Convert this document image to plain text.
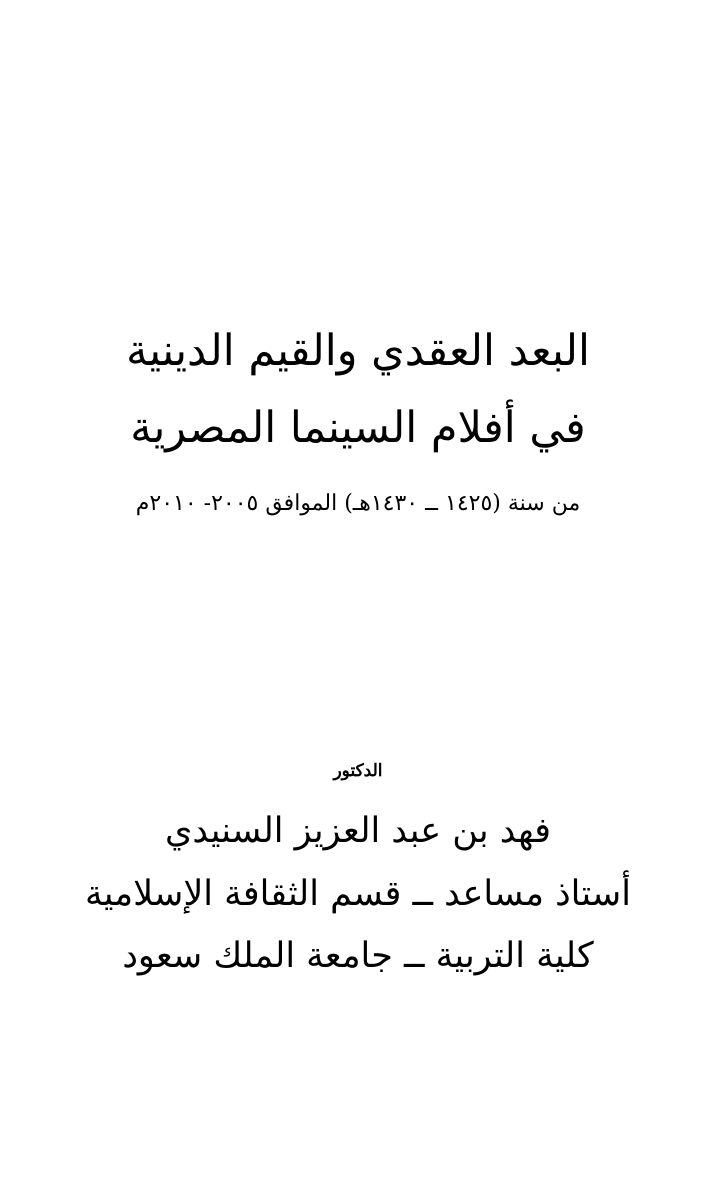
البعد العقدي والقيم الدينية
في أفلام السينما المصرية
من سنة (١٤٢٥ ــ ١٤٣٠هـ) الموافق ٢٠٠٥- ٢٠١٠م
الدكتور
فهد بن عبد العزيز السنيدي
أستاذ مساعد ــ قسم الثقافة الإسلامية
كلية التربية ــ جامعة الملك سعود
